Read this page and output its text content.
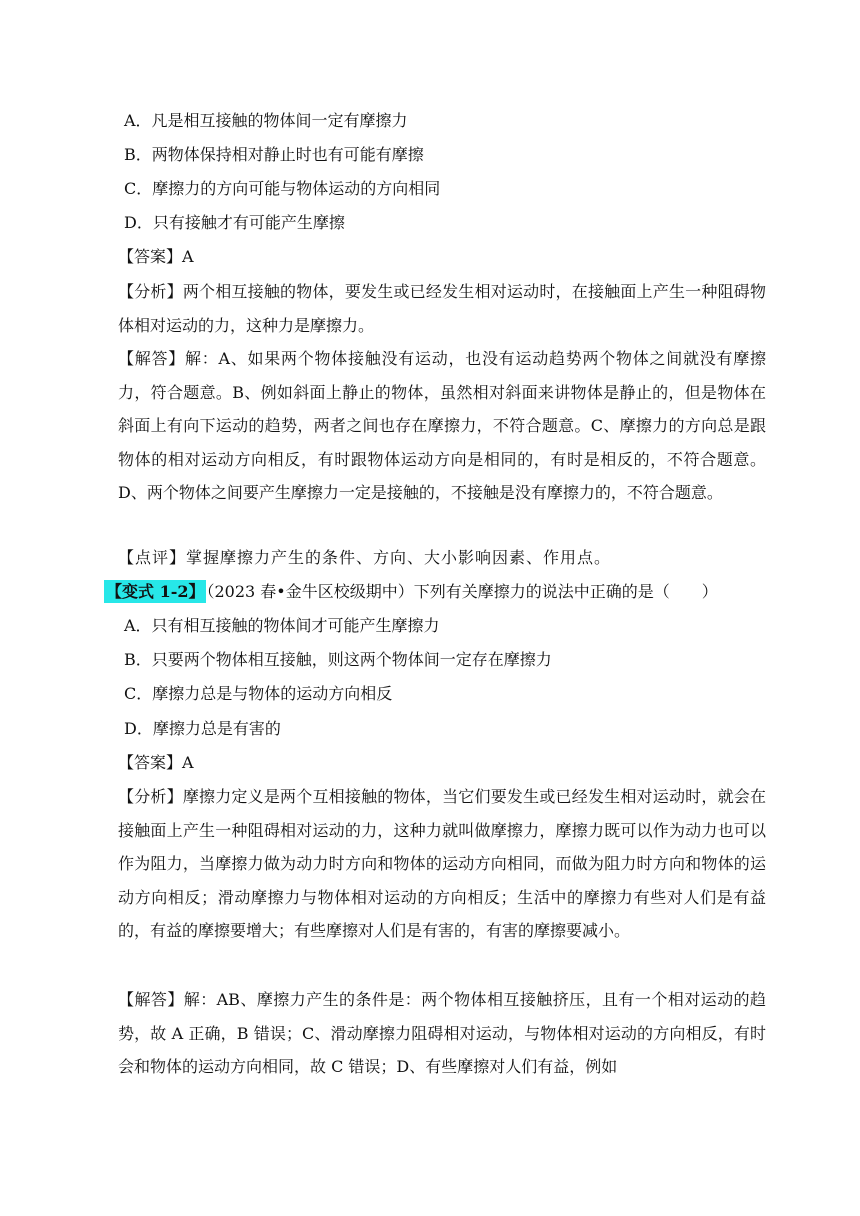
A．凡是相互接触的物体间一定有摩擦力
B．两物体保持相对静止时也有可能有摩擦
C．摩擦力的方向可能与物体运动的方向相同
D．只有接触才有可能产生摩擦
【答案】A
【分析】两个相互接触的物体，要发生或已经发生相对运动时，在接触面上产生一种阻碍物体相对运动的力，这种力是摩擦力。
【解答】解：A、如果两个物体接触没有运动，也没有运动趋势两个物体之间就没有摩擦力，符合题意。B、例如斜面上静止的物体，虽然相对斜面来讲物体是静止的，但是物体在斜面上有向下运动的趋势，两者之间也存在摩擦力，不符合题意。C、摩擦力的方向总是跟物体的相对运动方向相反，有时跟物体运动方向是相同的，有时是相反的，不符合题意。D、两个物体之间要产生摩擦力一定是接触的，不接触是没有摩擦力的，不符合题意。
【点评】掌握摩擦力产生的条件、方向、大小影响因素、作用点。
【变式 1-2】 （2023 春•金牛区校级期中）下列有关摩擦力的说法中正确的是（　　）
A．只有相互接触的物体间才可能产生摩擦力
B．只要两个物体相互接触，则这两个物体间一定存在摩擦力
C．摩擦力总是与物体的运动方向相反
D．摩擦力总是有害的
【答案】A
【分析】摩擦力定义是两个互相接触的物体，当它们要发生或已经发生相对运动时，就会在接触面上产生一种阻碍相对运动的力，这种力就叫做摩擦力，摩擦力既可以作为动力也可以作为阻力，当摩擦力做为动力时方向和物体的运动方向相同，而做为阻力时方向和物体的运动方向相反；滑动摩擦力与物体相对运动的方向相反；生活中的摩擦力有些对人们是有益的，有益的摩擦要增大；有些摩擦对人们是有害的，有害的摩擦要减小。
【解答】解：AB、摩擦力产生的条件是：两个物体相互接触挤压，且有一个相对运动的趋势，故 A 正确，B 错误；C、滑动摩擦力阻碍相对运动，与物体相对运动的方向相反，有时会和物体的运动方向相同，故 C 错误；D、有些摩擦对人们有益，例如
